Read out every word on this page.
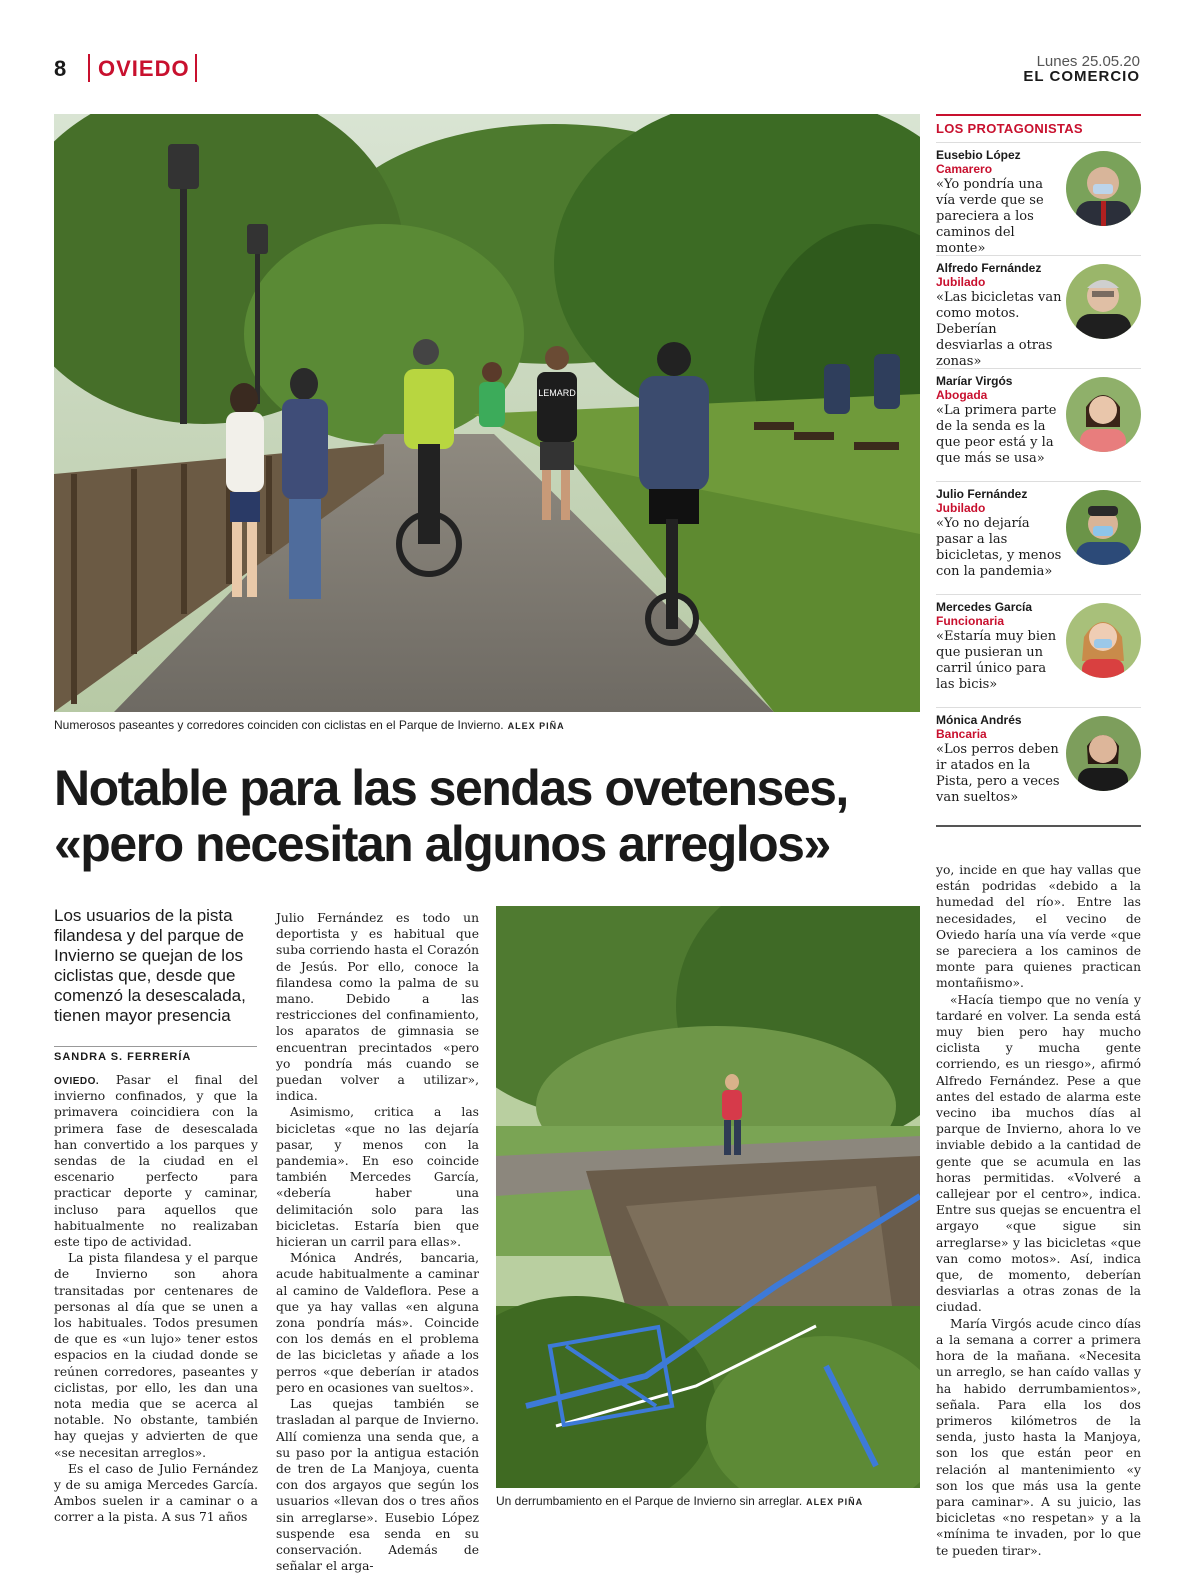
8 OVIEDO	Lunes 25.05.20
EL COMERCIO
LEMARD
Numerosos paseantes y corredores coinciden con ciclistas en el Parque de Invierno. ALEX PIÑA
LOS PROTAGONISTAS
Eusebio López
Camarero
«Yo pondría una vía verde que se pareciera a los caminos del monte»
Alfredo Fernández
Jubilado
«Las bicicletas van como motos. Deberían desviarlas a otras zonas»
Maríar Virgós
Abogada
«La primera parte de la senda es la que peor está y la que más se usa»
Julio Fernández
Jubilado
«Yo no dejaría pasar a las bicicletas, y menos con la pandemia»
Mercedes García
Funcionaria
«Estaría muy bien que pusieran un carril único para las bicis»
Mónica Andrés
Bancaria
«Los perros deben ir atados en la Pista, pero a veces van sueltos»
Notable para las sendas ovetenses,
«pero necesitan algunos arreglos»
Los usuarios de la pista filandesa y del parque de Invierno se quejan de los ciclistas que, desde que comenzó la desescalada, tienen mayor presencia
SANDRA S. FERRERÍA

OVIEDO. Pasar el final del invierno confinados, y que la primavera coincidiera con la primera fase de desescalada han convertido a los parques y sendas de la ciudad en el escenario perfecto para practicar deporte y caminar, incluso para aquellos que habitualmente no realizaban este tipo de actividad.

La pista filandesa y el parque de Invierno son ahora transitadas por centenares de personas al día que se unen a los habituales. Todos presumen de que es «un lujo» tener estos espacios en la ciudad donde se reúnen corredores, paseantes y ciclistas, por ello, les dan una nota media que se acerca al notable. No obstante, también hay quejas y advierten de que «se necesitan arreglos».

Es el caso de Julio Fernández y de su amiga Mercedes García. Ambos suelen ir a caminar o a correr a la pista. A sus 71 años

Julio Fernández es todo un deportista y es habitual que suba corriendo hasta el Corazón de Jesús. Por ello, conoce la filandesa como la palma de su mano. Debido a las restricciones del confinamiento, los aparatos de gimnasia se encuentran precintados «pero yo pondría más cuando se puedan volver a utilizar», indica.

Asimismo, critica a las bicicletas «que no las dejaría pasar, y menos con la pandemia». En eso coincide también Mercedes García, «debería haber una delimitación solo para las bicicletas. Estaría bien que hicieran un carril para ellas».

Mónica Andrés, bancaria, acude habitualmente a caminar al camino de Valdeflora. Pese a que ya hay vallas «en alguna zona pondría más». Coincide con los demás en el problema de las bicicletas y añade a los perros «que deberían ir atados pero en ocasiones van sueltos».

Las quejas también se trasladan al parque de Invierno. Allí comienza una senda que, a su paso por la antigua estación de tren de La Manjoya, cuenta con dos argayos que según los usuarios «llevan dos o tres años sin arreglarse». Eusebio López suspende esa senda en su conservación. Además de señalar el arga-

Un derrumbamiento en el Parque de Invierno sin arreglar. ALEX PIÑA

yo, incide en que hay vallas que están podridas «debido a la humedad del río». Entre las necesidades, el vecino de Oviedo haría una vía verde «que se pareciera a los caminos de monte para quienes practican montañismo».

«Hacía tiempo que no venía y tardaré en volver. La senda está muy bien pero hay mucho ciclista y mucha gente corriendo, es un riesgo», afirmó Alfredo Fernández. Pese a que antes del estado de alarma este vecino iba muchos días al parque de Invierno, ahora lo ve inviable debido a la cantidad de gente que se acumula en las horas permitidas. «Volveré a callejear por el centro», indica. Entre sus quejas se encuentra el argayo «que sigue sin arreglarse» y las bicicletas «que van como motos». Así, indica que, de momento, deberían desviarlas a otras zonas de la ciudad.

María Virgós acude cinco días a la semana a correr a primera hora de la mañana. «Necesita un arreglo, se han caído vallas y ha habido derrumbamientos», señala. Para ella los dos primeros kilómetros de la senda, justo hasta la Manjoya, son los que están peor en relación al mantenimiento «y son los que más usa la gente para caminar». A su juicio, las bicicletas «no respetan» y a la «mínima te invaden, por lo que te pueden tirar».
